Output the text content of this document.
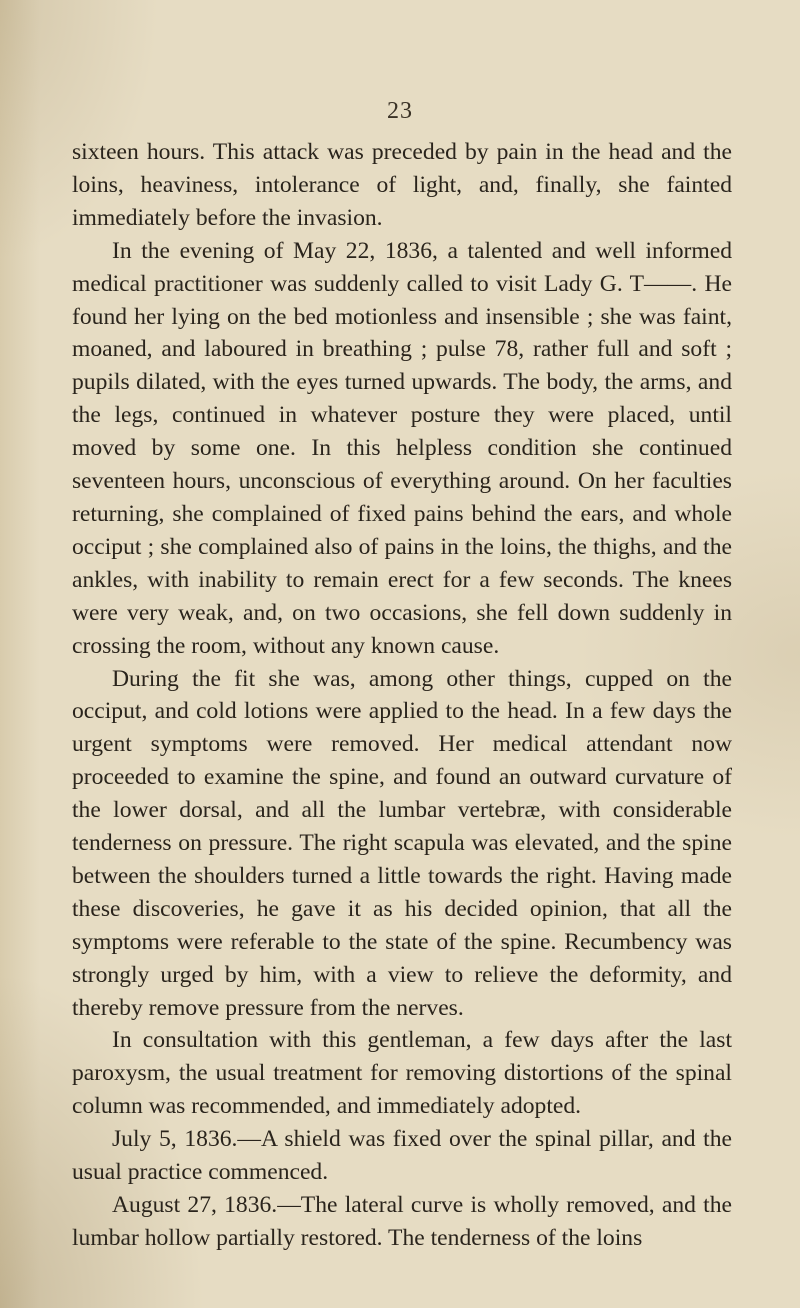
23

sixteen hours. This attack was preceded by pain in the head and the loins, heaviness, intolerance of light, and, finally, she fainted immediately before the invasion.

In the evening of May 22, 1836, a talented and well informed medical practitioner was suddenly called to visit Lady G. T——. He found her lying on the bed motionless and insensible ; she was faint, moaned, and laboured in breathing ; pulse 78, rather full and soft ; pupils dilated, with the eyes turned upwards. The body, the arms, and the legs, continued in whatever posture they were placed, until moved by some one. In this helpless condition she continued seventeen hours, unconscious of everything around. On her faculties returning, she complained of fixed pains behind the ears, and whole occiput ; she complained also of pains in the loins, the thighs, and the ankles, with inability to remain erect for a few seconds. The knees were very weak, and, on two occasions, she fell down suddenly in crossing the room, without any known cause.

During the fit she was, among other things, cupped on the occiput, and cold lotions were applied to the head. In a few days the urgent symptoms were removed. Her medical attendant now proceeded to examine the spine, and found an outward curvature of the lower dorsal, and all the lumbar vertebræ, with considerable tenderness on pressure. The right scapula was elevated, and the spine between the shoulders turned a little towards the right. Having made these discoveries, he gave it as his decided opinion, that all the symptoms were referable to the state of the spine. Recumbency was strongly urged by him, with a view to relieve the deformity, and thereby remove pressure from the nerves.

In consultation with this gentleman, a few days after the last paroxysm, the usual treatment for removing distortions of the spinal column was recommended, and immediately adopted.

July 5, 1836.—A shield was fixed over the spinal pillar, and the usual practice commenced.

August 27, 1836.—The lateral curve is wholly removed, and the lumbar hollow partially restored. The tenderness of the loins
